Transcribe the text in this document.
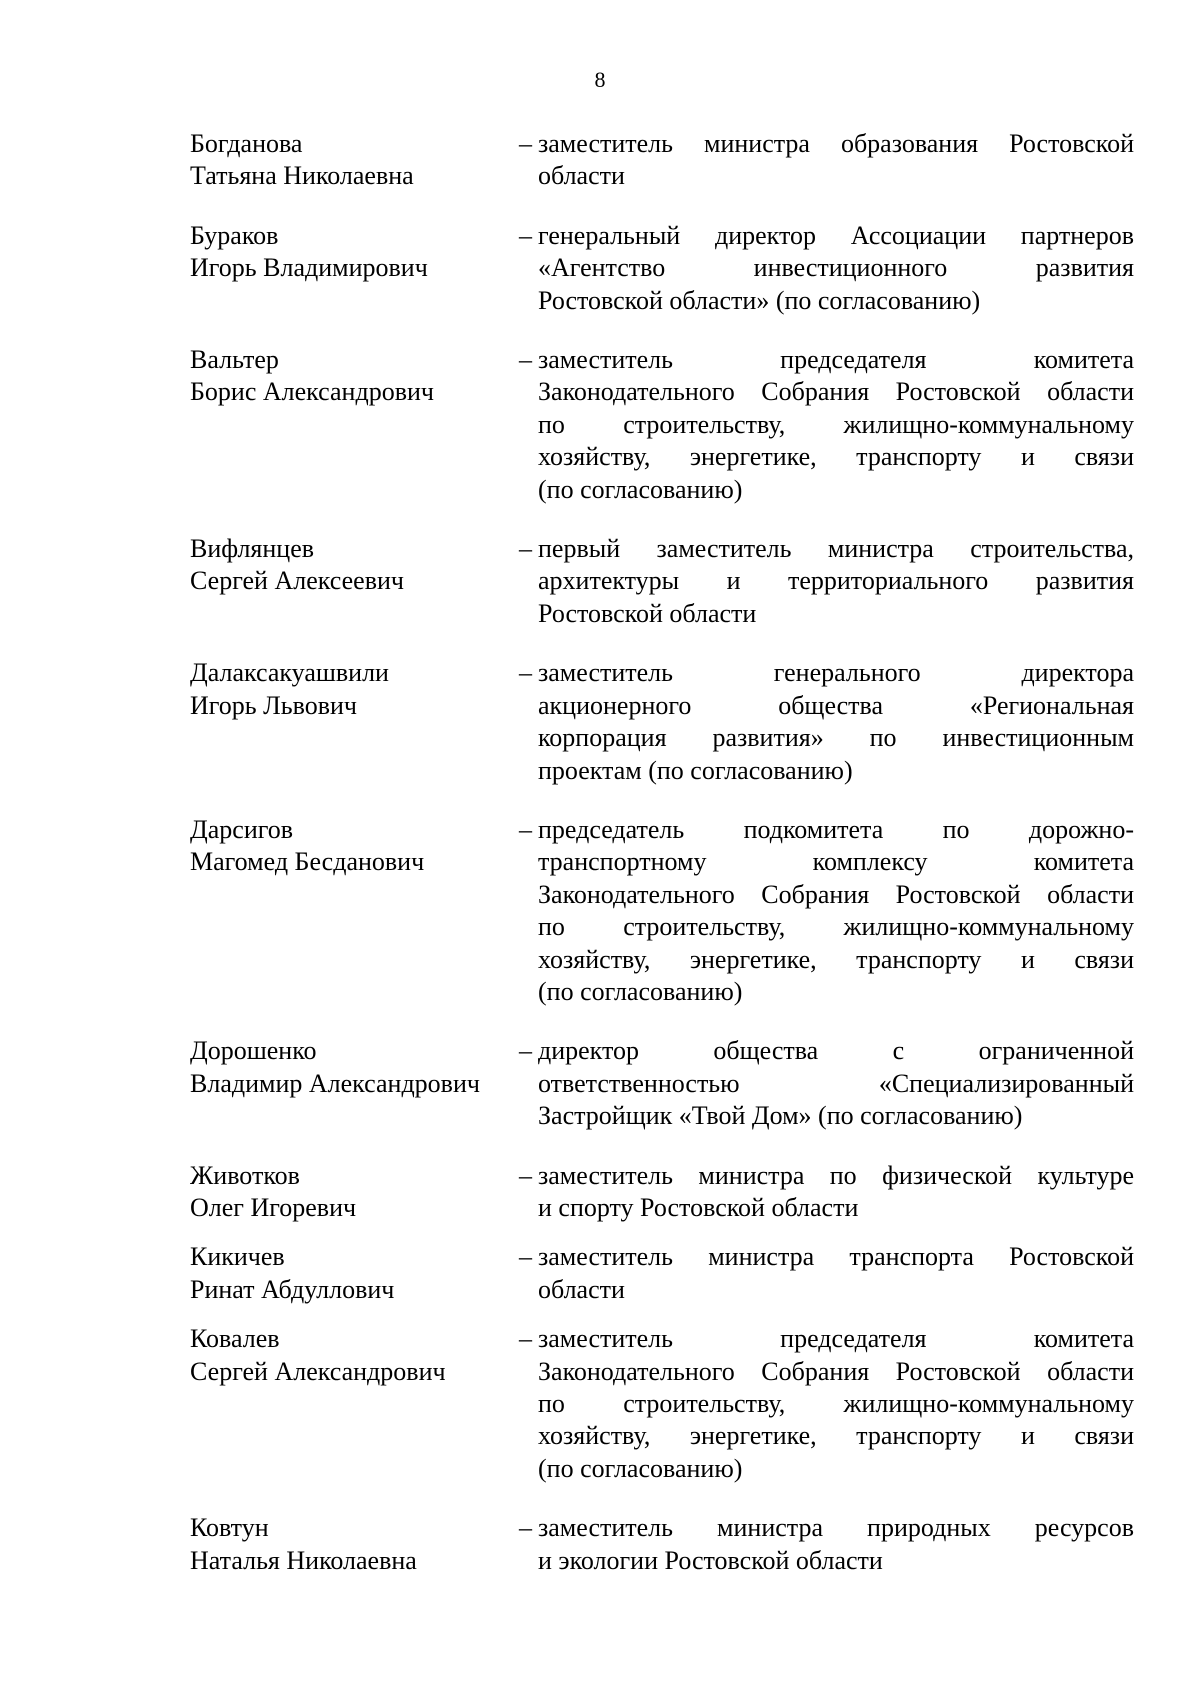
8
Богданова
Татьяна Николаевна
– заместитель министра образования Ростовской
области
Бураков
Игорь Владимирович
– генеральный директор Ассоциации партнеров
«Агентство инвестиционного развития
Ростовской области» (по согласованию)
Вальтер
Борис Александрович
– заместитель председателя комитета
Законодательного Собрания Ростовской области
по строительству, жилищно-коммунальному
хозяйству, энергетике, транспорту и связи
(по согласованию)
Вифлянцев
Сергей Алексеевич
– первый заместитель министра строительства,
архитектуры и территориального развития
Ростовской области
Далаксакуашвили
Игорь Львович
– заместитель генерального директора
акционерного общества «Региональная
корпорация развития» по инвестиционным
проектам (по согласованию)
Дарсигов
Магомед Бесданович
– председатель подкомитета по дорожно-
транспортному комплексу комитета
Законодательного Собрания Ростовской области
по строительству, жилищно-коммунальному
хозяйству, энергетике, транспорту и связи
(по согласованию)
Дорошенко
Владимир Александрович
– директор общества с ограниченной
ответственностью «Специализированный
Застройщик «Твой Дом» (по согласованию)
Животков
Олег Игоревич
– заместитель министра по физической культуре
и спорту Ростовской области
Кикичев
Ринат Абдуллович
– заместитель министра транспорта Ростовской
области
Ковалев
Сергей Александрович
– заместитель председателя комитета
Законодательного Собрания Ростовской области
по строительству, жилищно-коммунальному
хозяйству, энергетике, транспорту и связи
(по согласованию)
Ковтун
Наталья Николаевна
– заместитель министра природных ресурсов
и экологии Ростовской области
